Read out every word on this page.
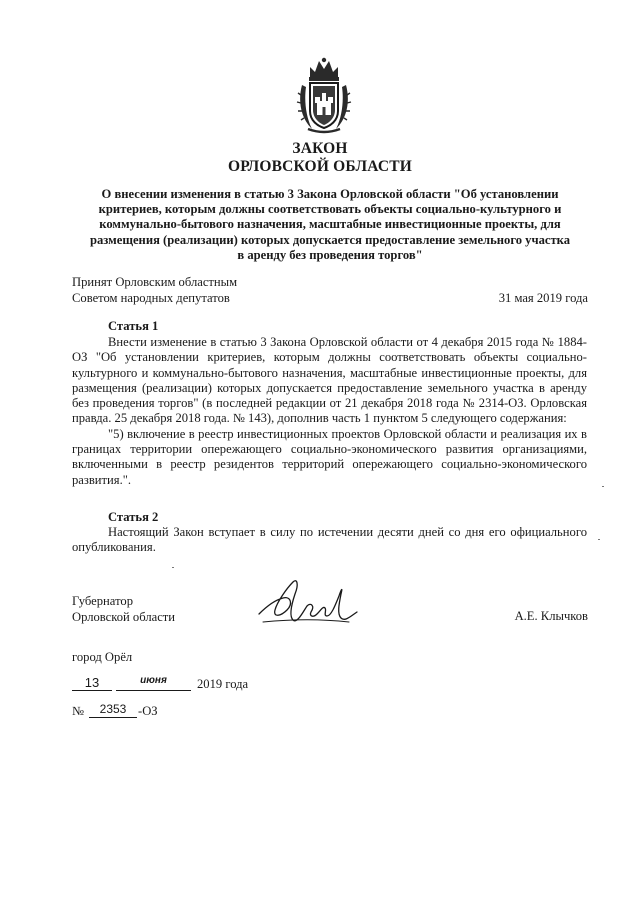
ЗАКОН
ОРЛОВСКОЙ ОБЛАСТИ
О внесении изменения в статью 3 Закона Орловской области "Об установлении критериев, которым должны соответствовать объекты социально-культурного и коммунально-бытового назначения, масштабные инвестиционные проекты, для размещения (реализации) которых допускается предоставление земельного участка в аренду без проведения торгов"
Принят Орловским областным
Советом народных депутатов	31 мая 2019 года
Статья 1

Внести изменение в статью 3 Закона Орловской области от 4 декабря 2015 года № 1884-ОЗ "Об установлении критериев, которым должны соответствовать объекты социально-культурного и коммунально-бытового назначения, масштабные инвестиционные проекты, для размещения (реализации) которых допускается предоставление земельного участка в аренду без проведения торгов" (в последней редакции от 21 декабря 2018 года № 2314-ОЗ. Орловская правда. 25 декабря 2018 года. № 143), дополнив часть 1 пунктом 5 следующего содержания:

"5) включение в реестр инвестиционных проектов Орловской области и реализация их в границах территории опережающего социально-экономического развития организациями, включенными в реестр резидентов территорий опережающего социально-экономического развития.".

Статья 2
Настоящий Закон вступает в силу по истечении десяти дней со дня его официального опубликования.
Губернатор
Орловской области	А.Е. Клычков
город Орёл
13	июня	2019 года
№	2353 -ОЗ
